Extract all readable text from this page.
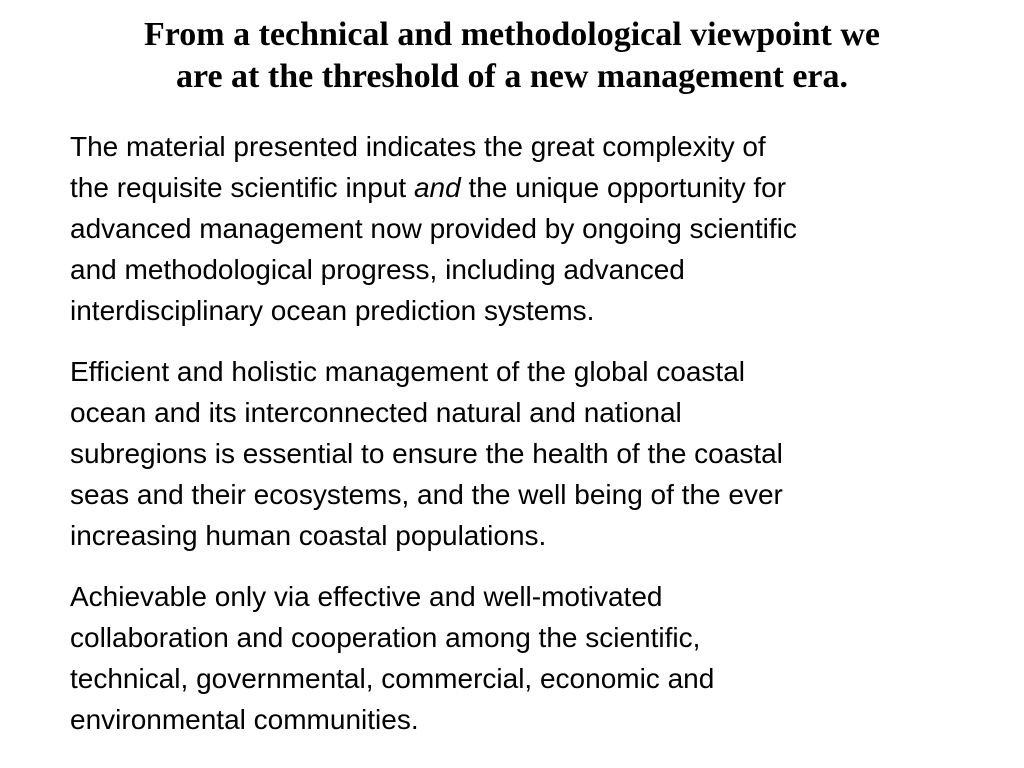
From a technical and methodological viewpoint we
are at the threshold of a new management era.

The material presented indicates the great complexity of
the requisite scientific input and the unique opportunity for
advanced management now provided by ongoing scientific
and methodological progress, including advanced
interdisciplinary ocean prediction systems.

Efficient and holistic management of the global coastal
ocean and its interconnected natural and national
subregions is essential to ensure the health of the coastal
seas and their ecosystems, and the well being of the ever
increasing human coastal populations.

Achievable only via effective and well-motivated
collaboration and cooperation among the scientific,
technical, governmental, commercial, economic and
environmental communities.
